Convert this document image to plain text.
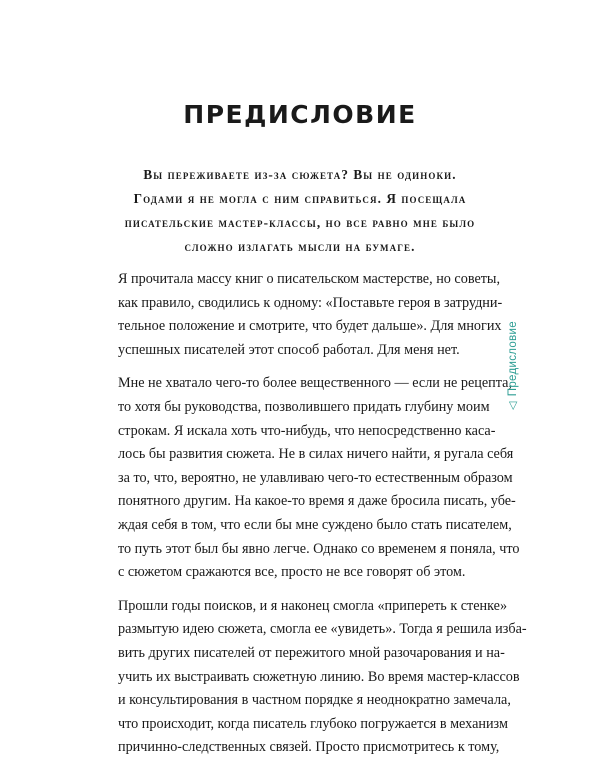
ПРЕДИСЛОВИЕ
Вы переживаете из-за сюжета? Вы не одиноки.
Годами я не могла с ним справиться. Я посещала
писательские мастер-классы, но все равно мне было
сложно излагать мысли на бумаге.

Я прочитала массу книг о писательском мастерстве, но советы,
как правило, сводились к одному: «Поставьте героя в затрудни-
тельное положение и смотрите, что будет дальше». Для многих
успешных писателей этот способ работал. Для меня нет.

Мне не хватало чего-то более вещественного — если не рецепта,
то хотя бы руководства, позволившего придать глубину моим
строкам. Я искала хоть что-нибудь, что непосредственно каса-
лось бы развития сюжета. Не в силах ничего найти, я ругала себя
за то, что, вероятно, не улавливаю чего-то естественным образом
понятного другим. На какое-то время я даже бросила писать, убе-
ждая себя в том, что если бы мне суждено было стать писателем,
то путь этот был бы явно легче. Однако со временем я поняла, что
с сюжетом сражаются все, просто не все говорят об этом.

Прошли годы поисков, и я наконец смогла «припереть к стенке»
размытую идею сюжета, смогла ее «увидеть». Тогда я решила изба-
вить других писателей от пережитого мной разочарования и на-
учить их выстраивать сюжетную линию. Во время мастер-классов
и консультирования в частном порядке я неоднократно замечала,
что происходит, когда писатель глубоко погружается в механизм
причинно-следственных связей. Просто присмотритесь к тому,

◁Предисловие
